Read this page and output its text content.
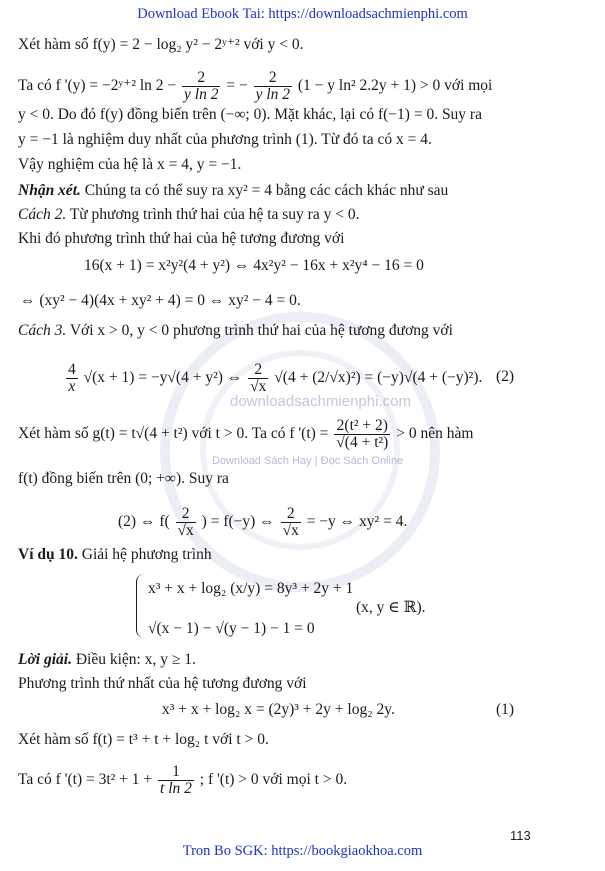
downloadsachmienphi.com
Download Sách Hay | Đọc Sách Online
Download Ebook Tai: https://downloadsachmienphi.com
Xét hàm số f(y) = 2 − log₂ y² − 2ʸ⁺² với y < 0.
Ta có f '(y) = −2ʸ⁺² $\ln 2 - \frac{2}{\text{y ln 2}}$ = − $\frac{2}{\text{y ln 2}} (1 - y$ ln² 2.2y + 1) > 0 với mọi
y < 0. Do đó f(y) đồng biến trên (−∞; 0). Mặt khác, lại có f(−1) = 0. Suy ra
y = −1 là nghiệm duy nhất của phương trình (1). Từ đó ta có x = 4.
Vậy nghiệm của hệ là x = 4, y = −1.
Nhận xét. Chúng ta có thể suy ra xy² = 4 bằng các cách khác như sau
Cách 2. Từ phương trình thứ hai của hệ ta suy ra y < 0.
Khi đó phương trình thứ hai của hệ tương đương với
16(x + 1) = x²y²(4 + y²) ⇔ 4x²y² − 16x + x²y⁴ − 16 = 0
⇔ (xy² − 4)(4x + xy² + 4) = 0 ⇔ xy² − 4 = 0.
Cách 3. Với x > 0, y < 0 phương trình thứ hai của hệ tương đương với
$\frac{4}{x} √(x + 1) = -y√(4 + y^2)$ ⇔ $\frac{2}{√x} √(4 + (2/√x)^2) = (-y)√(4 + (-y)^2)$. (2)
Xét hàm số g(t) = t√(4 + t²) với t > 0. Ta có f '$(t) = \frac{\text{2(t² + 2)}}{\text{√(4 + t²)}} > 0$ nên hàm
f(t) đồng biến trên (0; +∞). Suy ra
(2) ⇔ $f( \frac{2}{√x}$ ) = f(−y) ⇔ $\frac{2}{√x} = -y$ ⇔ xy² = 4.
Ví dụ 10. Giải hệ phương trình
x³ + x + log₂ (x/y) = 8y³ + 2y + 1
(x, y ∈ ℝ).
√(x − 1) − √(y − 1) − 1 = 0
Lời giải. Điều kiện: x, y ≥ 1.
Phương trình thứ nhất của hệ tương đương với
x³ + x + log₂ x = (2y)³ + 2y + log₂ 2y.	(1)
Xét hàm số f(t) = t³ + t + log₂ t với t > 0.
Ta có f '$(t) = 3t^2 + 1 + \frac{1}{\text{t ln 2}}$ ; f '(t) > 0 với mọi t > 0.
113
Tron Bo SGK: https://bookgiaokhoa.com
